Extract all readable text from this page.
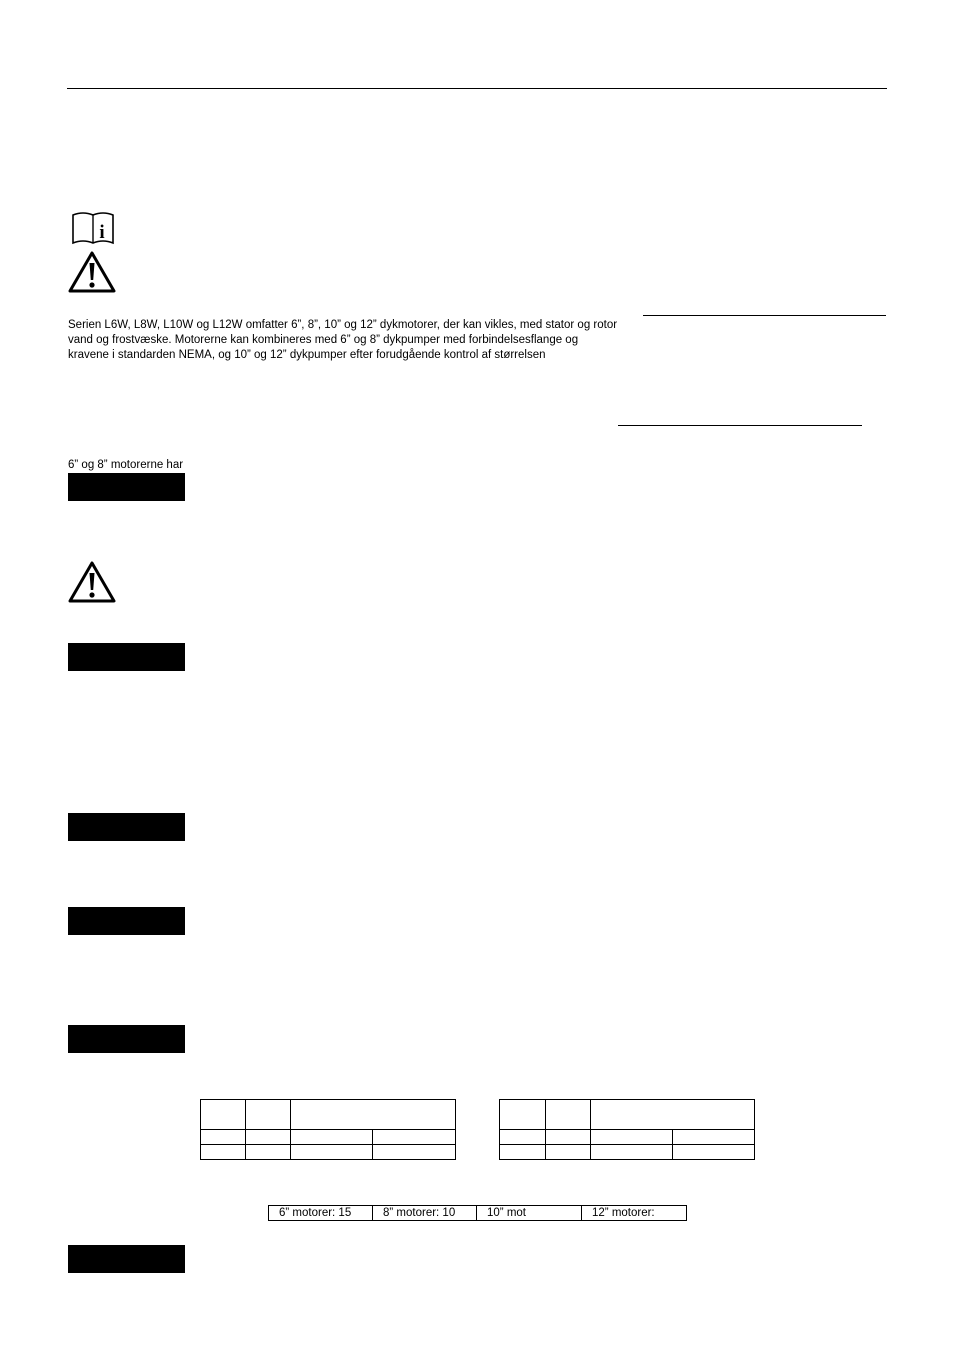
i
Serien L6W, L8W, L10W og L12W omfatter 6”, 8”, 10” og 12” dykmotorer, der kan vikles, med stator og rotor
vand og frostvæske. Motorerne kan kombineres med 6” og 8” dykpumper med forbindelsesflange og
kravene i standarden NEMA, og 10” og 12” dykpumper efter forudgående kontrol af størrelsen
6” og 8” motorerne har

6” motorer: 15	8” motorer: 10	10” mot	12” motorer:
